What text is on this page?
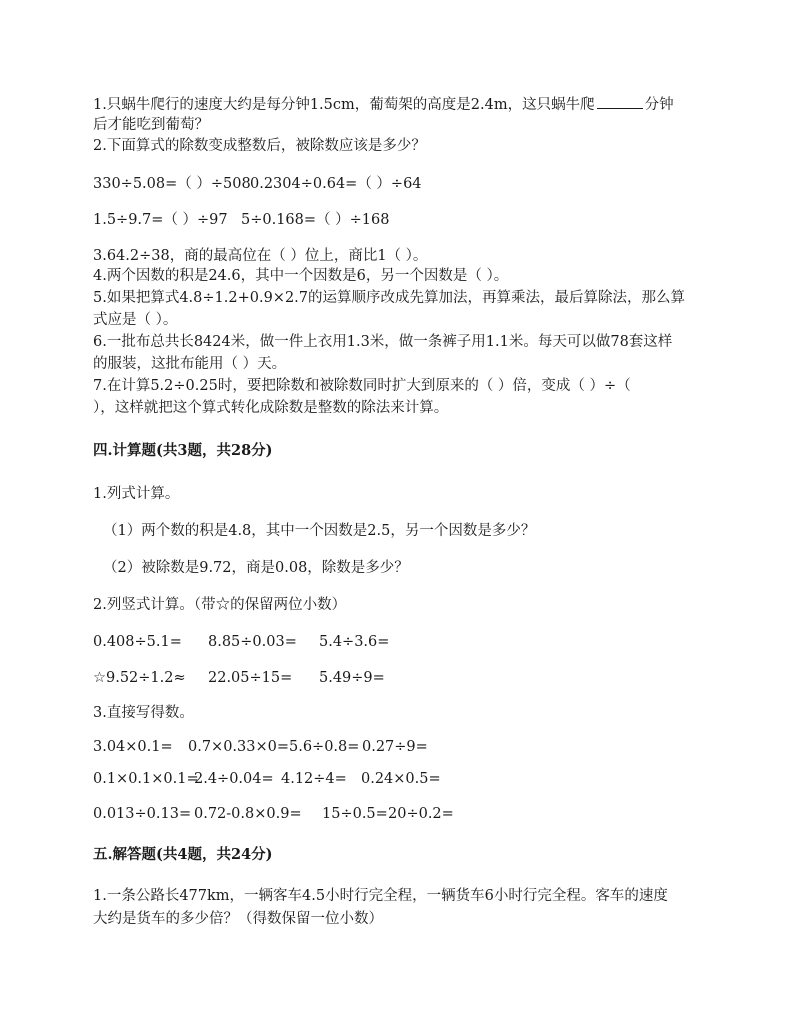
1.只蜗牛爬行的速度大约是每分钟1.5cm，葡萄架的高度是2.4m，这只蜗牛爬	分钟
后才能吃到葡萄？
2.下面算式的除数变成整数后，被除数应该是多少？
330÷5.08=（ ）÷5080.2304÷0.64=（ ）÷64
1.5÷9.7=（ ）÷97 5÷0.168=（ ）÷168
3.64.2÷38，商的最高位在（ ）位上，商比1（ ）。
4.两个因数的积是24.6，其中一个因数是6，另一个因数是（ ）。
5.如果把算式4.8÷1.2+0.9×2.7的运算顺序改成先算加法，再算乘法，最后算除法，那么算
式应是（ ）。
6.一批布总共长8424米，做一件上衣用1.3米，做一条裤子用1.1米。每天可以做78套这样
的服装，这批布能用（ ）天。
7.在计算5.2÷0.25时，要把除数和被除数同时扩大到原来的（ ）倍，变成（ ）÷（
），这样就把这个算式转化成除数是整数的除法来计算。
四.计算题(共3题，共28分)
1.列式计算。
（1）两个数的积是4.8，其中一个因数是2.5，另一个因数是多少？
（2）被除数是9.72，商是0.08，除数是多少？
2.列竖式计算。（带☆的保留两位小数）
0.408÷5.1= 8.85÷0.03= 5.4÷3.6=
☆9.52÷1.2≈ 22.05÷15= 5.49÷9=
3.直接写得数。
3.04×0.1= 0.7×0.33×0=5.6÷0.8= 0.27÷9=
0.1×0.1×0.1=2.4÷0.04= 4.12÷4= 0.24×0.5=
0.013÷0.13= 0.72-0.8×0.9= 15÷0.5=20÷0.2=
五.解答题(共4题，共24分)
1.一条公路长477km，一辆客车4.5小时行完全程，一辆货车6小时行完全程。客车的速度
大约是货车的多少倍？（得数保留一位小数）
